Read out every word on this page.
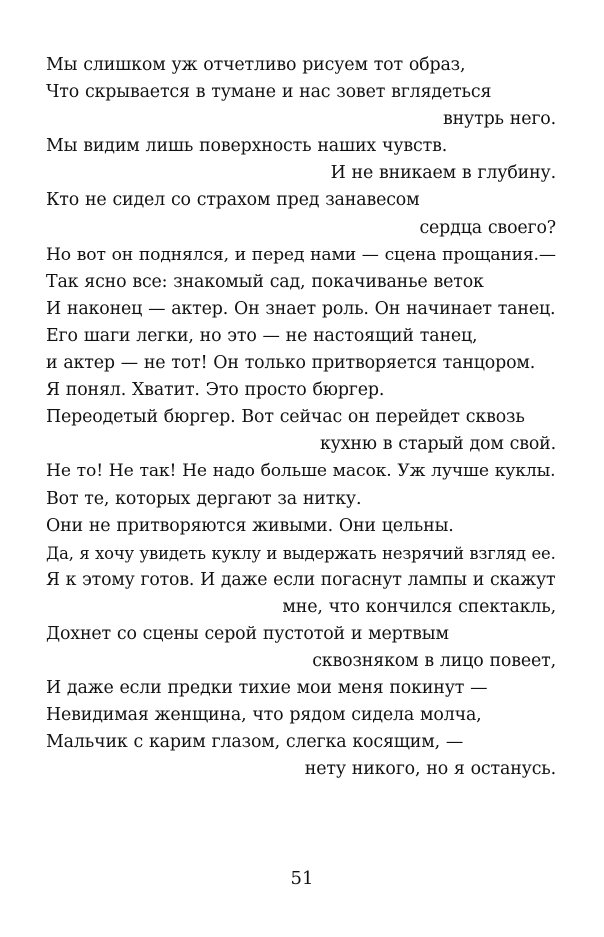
Мы слишком уж отчетливо рисуем тот образ,
Что скрывается в тумане и нас зовет вглядеться
внутрь него.
Мы видим лишь поверхность наших чувств.
И не вникаем в глубину.
Кто не сидел со страхом пред занавесом
сердца своего?
Но вот он поднялся, и перед нами — сцена прощания.—
Так ясно все: знакомый сад, покачиванье веток
И наконец — актер. Он знает роль. Он начинает танец.
Его шаги легки, но это — не настоящий танец,
и актер — не тот! Он только притворяется танцором.
Я понял. Хватит. Это просто бюргер.
Переодетый бюргер. Вот сейчас он перейдет сквозь
кухню в старый дом свой.
Не то! Не так! Не надо больше масок. Уж лучше куклы.
Вот те, которых дергают за нитку.
Они не притворяются живыми. Они цельны.
Да, я хочу увидеть куклу и выдержать незрячий взгляд ее.
Я к этому готов. И даже если погаснут лампы и скажут
мне, что кончился спектакль,
Дохнет со сцены серой пустотой и мертвым
сквозняком в лицо повеет,
И даже если предки тихие мои меня покинут —
Невидимая женщина, что рядом сидела молча,
Мальчик с карим глазом, слегка косящим, —
нету никого, но я останусь.
51
